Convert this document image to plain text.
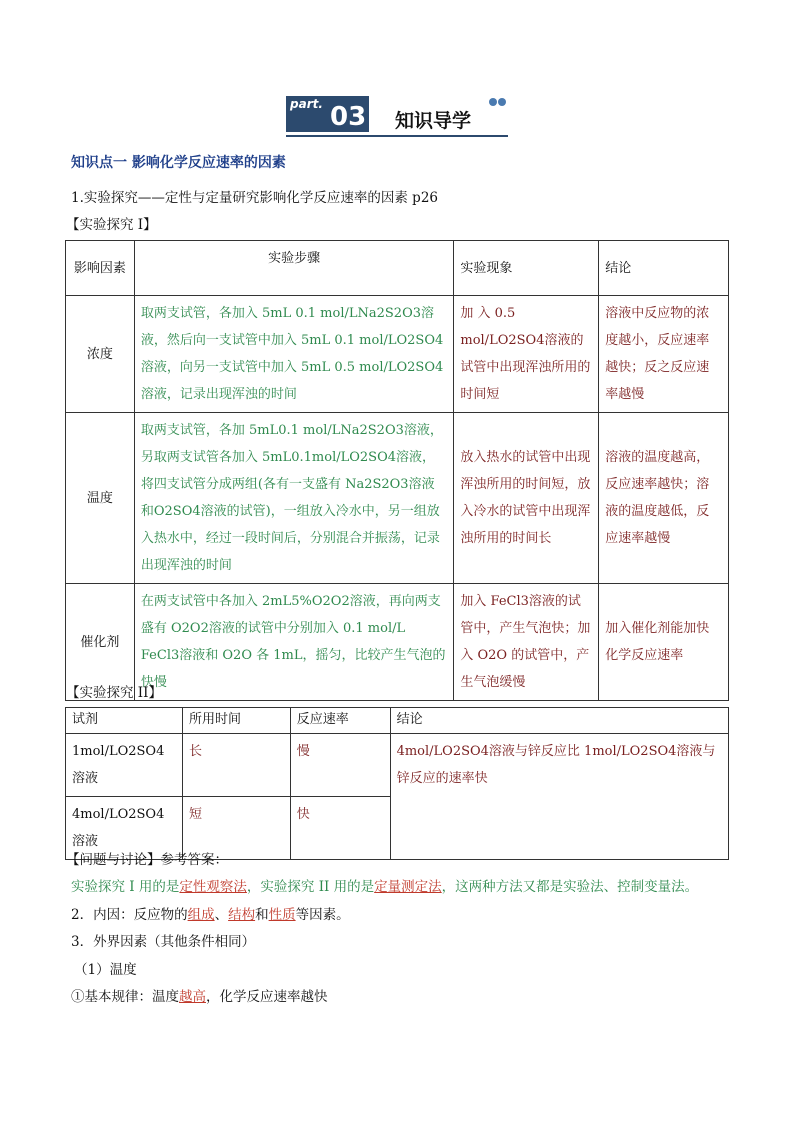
part. 03 知识导学
知识点一 影响化学反应速率的因素
1.实验探究——定性与定量研究影响化学反应速率的因素 p26
【实验探究 I】
影响因素	实验步骤	实验现象	结论
浓度	取两支试管，各加入 5mL 0.1 mol/LNa2S2O3溶液，然后向一支试管中加入 5mL 0.1 mol/LO2SO4溶液，向另一支试管中加入 5mL 0.5 mol/LO2SO4溶液，记录出现浑浊的时间	加 入 0.5 mol/LO2SO4溶液的试管中出现浑浊所用的时间短	溶液中反应物的浓度越小，反应速率越快；反之反应速率越慢
温度	取两支试管，各加 5mL0.1 mol/LNa2S2O3溶液，另取两支试管各加入 5mL0.1mol/LO2SO4溶液，将四支试管分成两组(各有一支盛有 Na2S2O3溶液和O2SO4溶液的试管)，一组放入冷水中，另一组放入热水中，经过一段时间后，分别混合并振荡，记录出现浑浊的时间	放入热水的试管中出现浑浊所用的时间短，放入冷水的试管中出现浑浊所用的时间长	溶液的温度越高，反应速率越快；溶液的温度越低，反应速率越慢
催化剂	在两支试管中各加入 2mL5%O2O2溶液，再向两支盛有 O2O2溶液的试管中分别加入 0.1 mol/L FeCl3溶液和 O2O 各 1mL，摇匀，比较产生气泡的快慢	加入 FeCl3溶液的试管中，产生气泡快；加入 O2O 的试管中，产生气泡缓慢	加入催化剂能加快化学反应速率
【实验探究 II】
试剂	所用时间	反应速率	结论
1mol/LO2SO4 溶液	长	慢	4mol/LO2SO4溶液与锌反应比 1mol/LO2SO4溶液与锌反应的速率快
4mol/LO2SO4 溶液	短	快	
【问题与讨论】参考答案：
实验探究 I 用的是定性观察法，实验探究 II 用的是定量测定法，这两种方法又都是实验法、控制变量法。
2．内因：反应物的组成、结构和性质等因素。
3．外界因素（其他条件相同）
（1）温度
①基本规律：温度越高，化学反应速率越快
